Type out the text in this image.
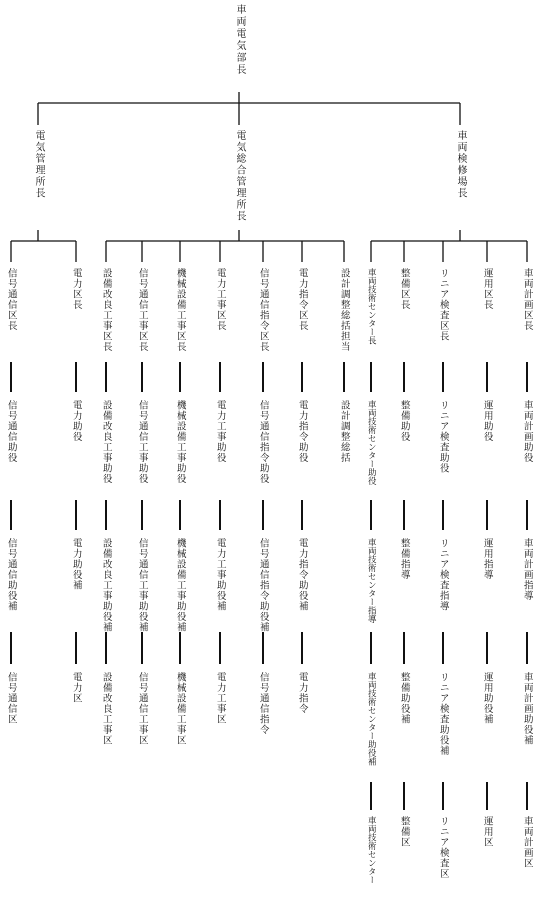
車両電気部長
電気管理所長	電気総合管理所長	車両検修場長
信号通信区長
信号通信助役
信号通信助役補
信号通信区
電力区長
電力助役
電力助役補
電力区
設備改良工事区長
設備改良工事助役
設備改良工事助役補
設備改良工事区
信号通信工事区長
信号通信工事助役
信号通信工事助役補
信号通信工事区
機械設備工事区長
機械設備工事助役
機械設備工事助役補
機械設備工事区
電力工事区長
電力工事助役
電力工事助役補
電力工事区
信号通信指令区長
信号通信指令助役
信号通信指令助役補
信号通信指令
電力指令区長
電力指令助役
電力指令助役補
電力指令
設計調整総括担当
設計調整総括
車両技術センター長
車両技術センター助役
車両技術センター指導
車両技術センター助役補
車両技術センター
整備区長
整備助役
整備指導
整備助役補
整備区
リニア検査区長
リニア検査助役
リニア検査指導
リニア検査助役補
リニア検査区
運用区長
運用助役
運用指導
運用助役補
運用区
車両計画区長
車両計画助役
車両計画指導
車両計画助役補
車両計画区
